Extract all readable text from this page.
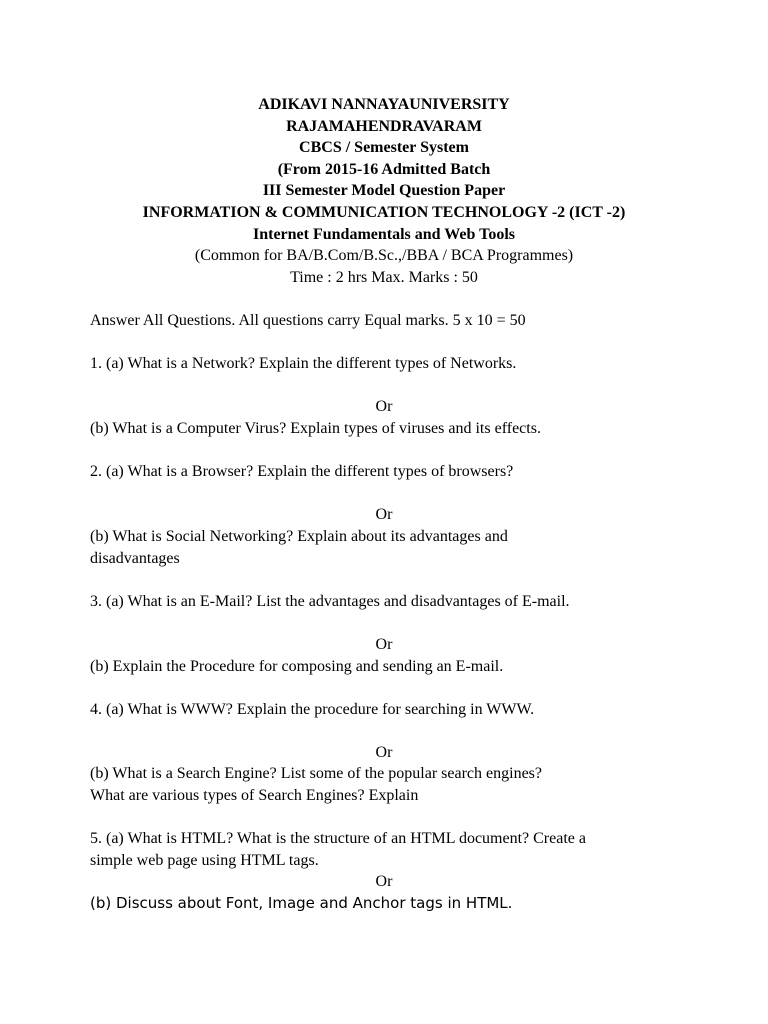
ADIKAVI NANNAYAUNIVERSITY
RAJAMAHENDRAVARAM
CBCS / Semester System
(From 2015-16 Admitted Batch
III Semester Model Question Paper
INFORMATION & COMMUNICATION TECHNOLOGY -2 (ICT -2)
Internet Fundamentals and Web Tools
(Common for BA/B.Com/B.Sc.,/BBA / BCA Programmes)
Time : 2 hrs Max. Marks : 50

Answer All Questions. All questions carry Equal marks. 5 x 10 = 50

1. (a) What is a Network? Explain the different types of Networks.

Or

(b) What is a Computer Virus? Explain types of viruses and its effects.

2. (a) What is a Browser? Explain the different types of browsers?

Or

(b) What is Social Networking? Explain about its advantages and

disadvantages

3. (a) What is an E-Mail? List the advantages and disadvantages of E-mail.

Or

(b) Explain the Procedure for composing and sending an E-mail.

4. (a) What is WWW? Explain the procedure for searching in WWW.

Or

(b) What is a Search Engine? List some of the popular search engines?

What are various types of Search Engines? Explain

5. (a) What is HTML? What is the structure of an HTML document? Create a

simple web page using HTML tags.

Or

(b) Discuss about Font, Image and Anchor tags in HTML.
